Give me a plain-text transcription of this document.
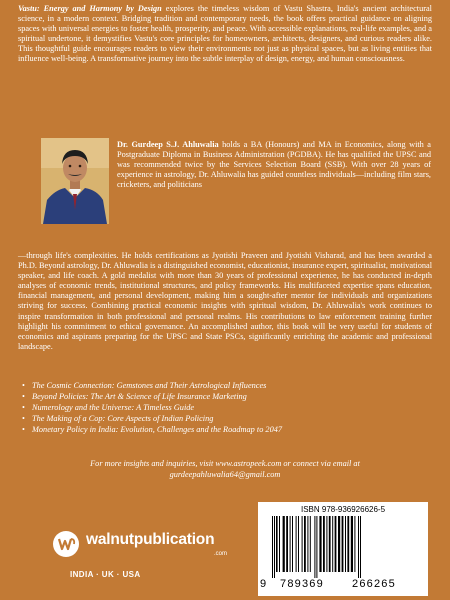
Vastu: Energy and Harmony by Design explores the timeless wisdom of Vastu Shastra, India's ancient architectural science, in a modern context. Bridging tradition and contemporary needs, the book offers practical guidance on aligning spaces with universal energies to foster health, prosperity, and peace. With accessible explanations, real-life examples, and a spiritual undertone, it demystifies Vastu's core principles for homeowners, architects, designers, and curious readers alike. This thoughtful guide encourages readers to view their environments not just as physical spaces, but as living entities that influence well-being. A transformative journey into the subtle interplay of design, energy, and human consciousness.

Dr. Gurdeep S.J. Ahluwalia holds a BA (Honours) and MA in Economics, along with a Postgraduate Diploma in Business Administration (PGDBA). He has qualified the UPSC and was recommended twice by the Services Selection Board (SSB). With over 28 years of experience in astrology, Dr. Ahluwalia has guided countless individuals—including film stars, cricketers, and politicians

—through life's complexities. He holds certifications as Jyotishi Praveen and Jyotishi Visharad, and has been awarded a Ph.D. Beyond astrology, Dr. Ahluwalia is a distinguished economist, educationist, insurance expert, spiritualist, motivational speaker, and life coach. A gold medalist with more than 30 years of professional experience, he has conducted in-depth analyses of economic trends, institutional structures, and policy frameworks. His multifaceted expertise spans education, financial management, and personal development, making him a sought-after mentor for individuals and organizations striving for success. Combining practical economic insights with spiritual wisdom, Dr. Ahluwalia's work continues to inspire transformation in both professional and personal realms. His contributions to law enforcement training further highlight his commitment to ethical governance. An accomplished author, this book will be very useful for students of economics and aspirants preparing for the UPSC and State PSCs, significantly enriching the academic and professional landscape.

• The Cosmic Connection: Gemstones and Their Astrological Influences
• Beyond Policies: The Art & Science of Life Insurance Marketing
• Numerology and the Universe: A Timeless Guide
• The Making of a Cop: Core Aspects of Indian Policing
• Monetary Policy in India: Evolution, Challenges and the Roadmap to 2047

For more insights and inquiries, visit www.astropeek.com or connect via email at gurdeepahluwalia64@gmail.com

walnutpublication
.com
INDIA · UK · USA
ISBN 978-936926626-5
9 789369	266265
